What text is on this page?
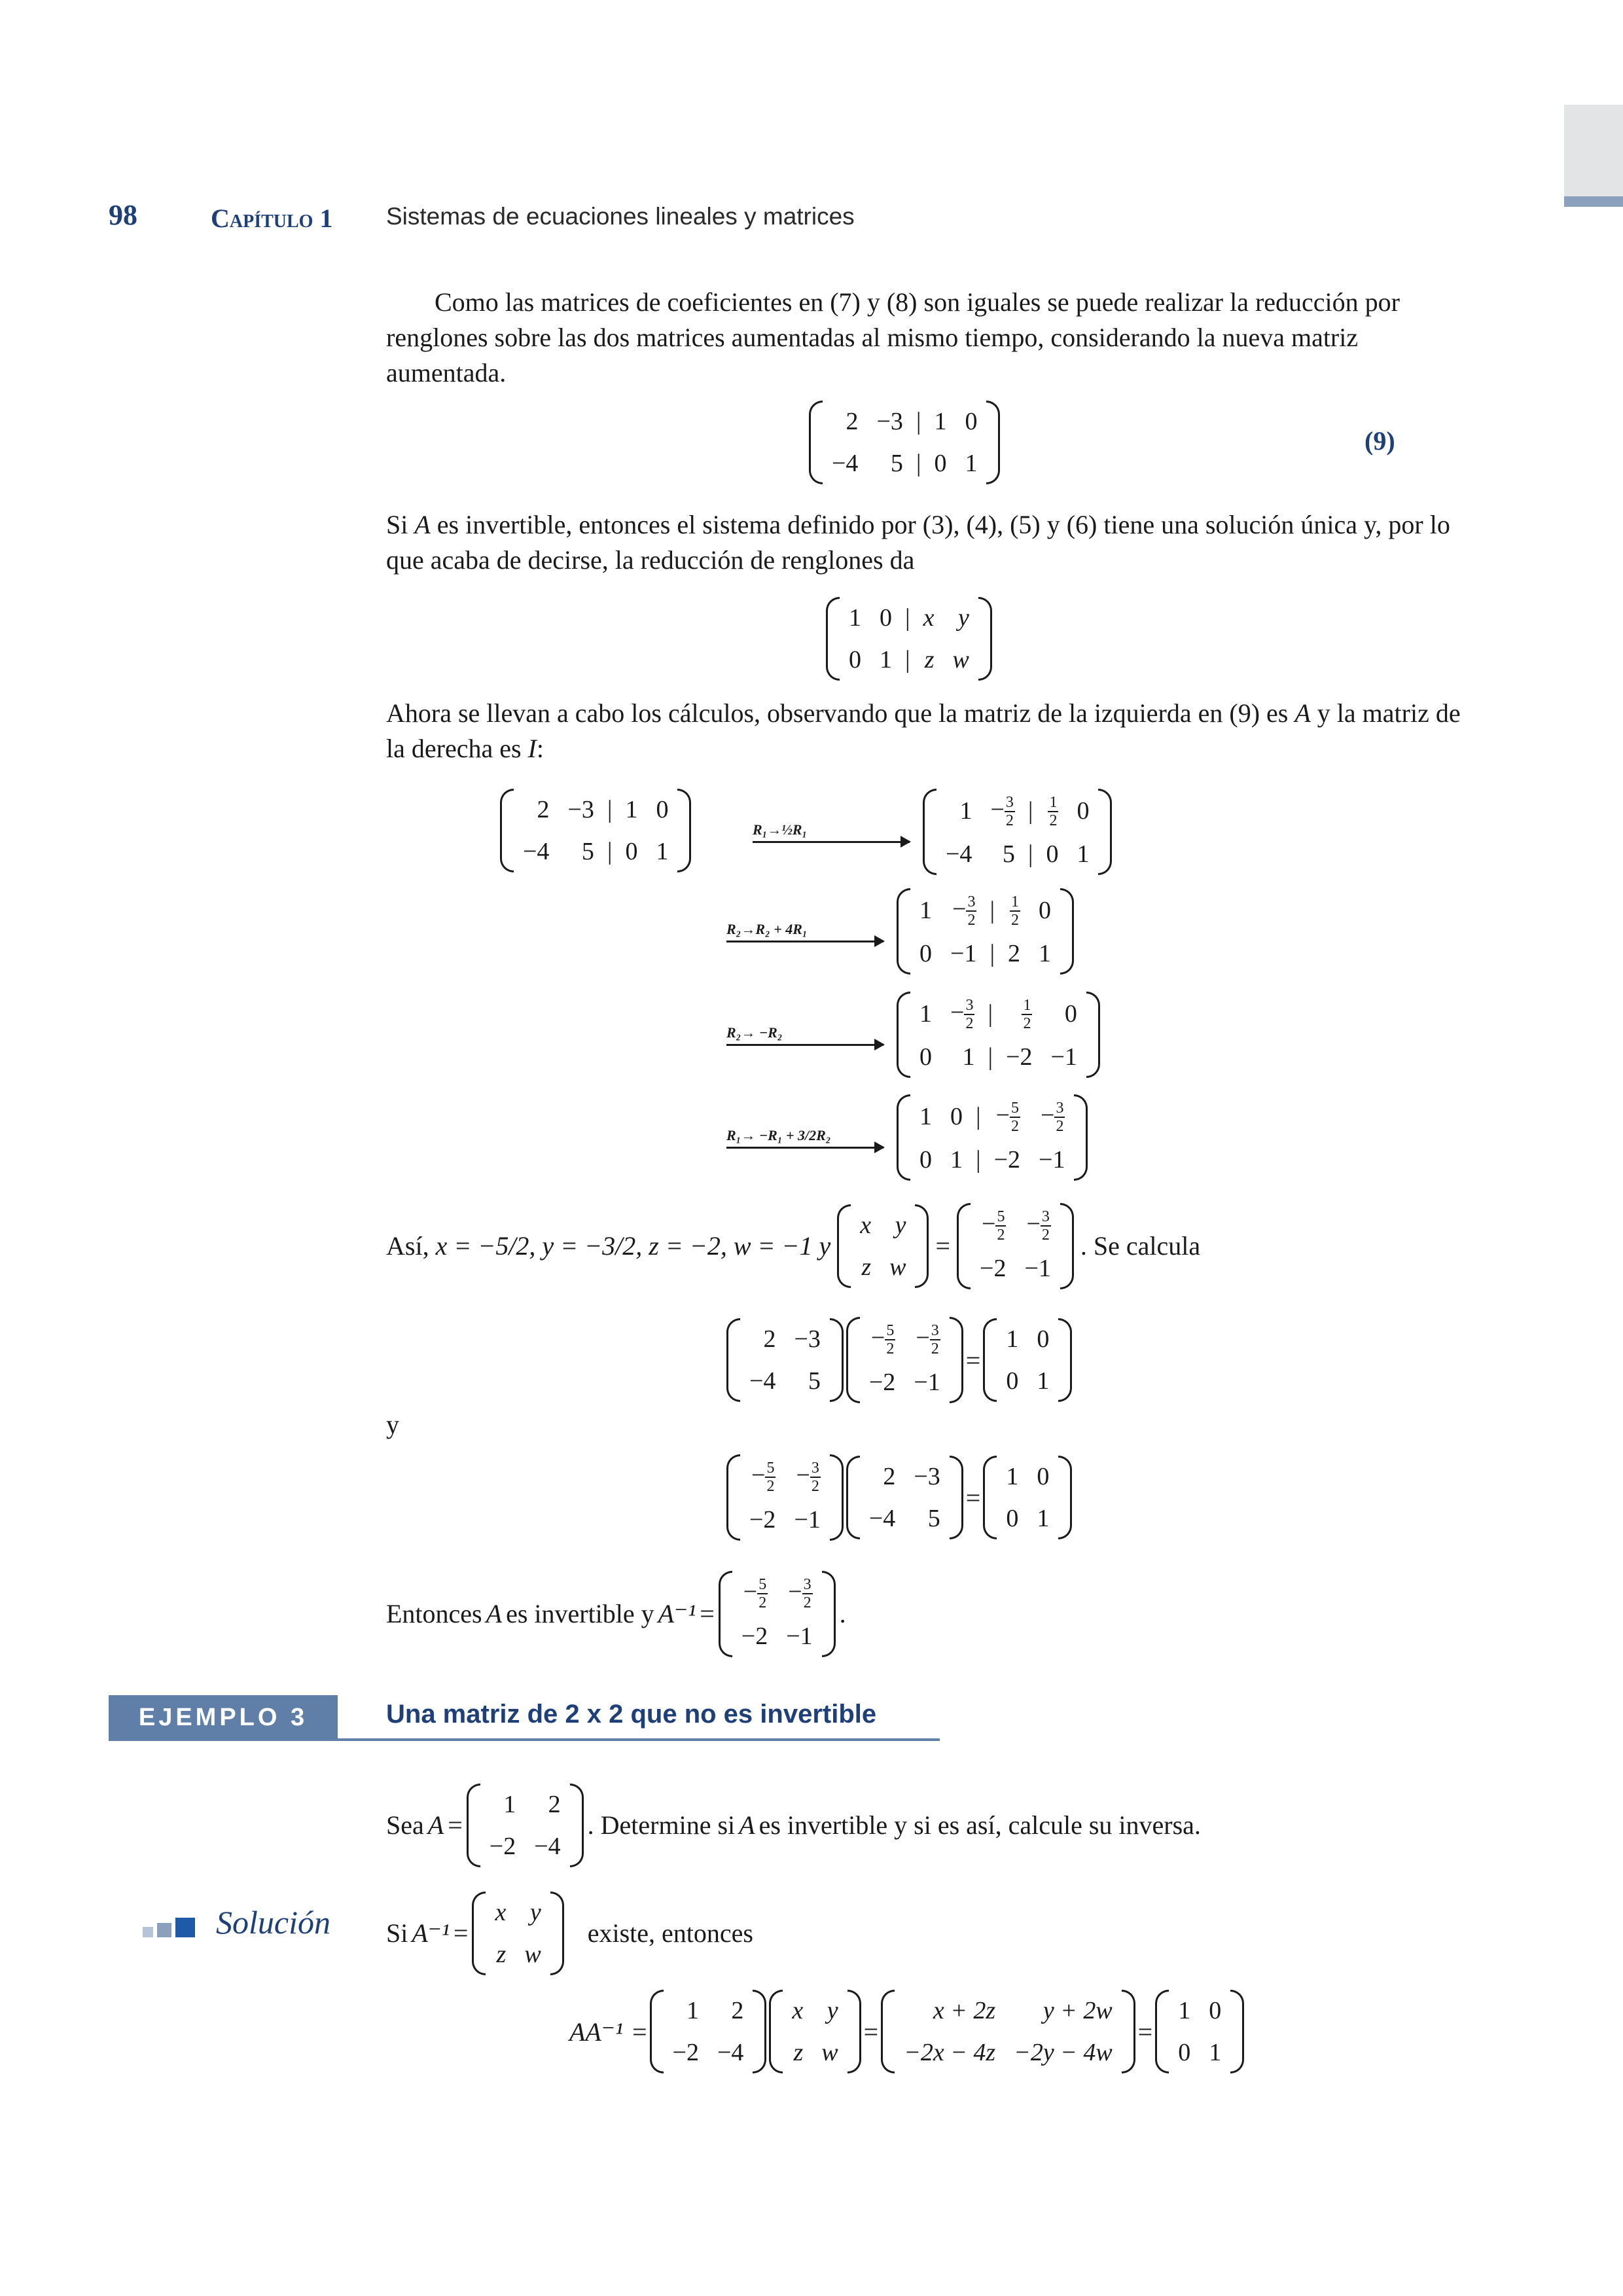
98	Capítulo 1 Sistemas de ecuaciones lineales y matrices

Como las matrices de coeficientes en (7) y (8) son iguales se puede realizar la reducción por renglones sobre las dos matrices aumentadas al mismo tiempo, considerando la nueva matriz aumentada.

2	−3	|	1	0
−4	5	|	0	1
(9)

Si A es invertible, entonces el sistema definido por (3), (4), (5) y (6) tiene una solución única y, por lo que acaba de decirse, la reducción de renglones da

1	0	|	x	y
0	1	|	z	w

Ahora se llevan a cabo los cálculos, observando que la matriz de la izquierda en (9) es A y la matriz de la derecha es I:

2	−3	|	1	0
−4	5	|	0	1
R₁→½R₁
1	− $\frac{3}{2}$	|	$\frac{1}{2}$	0
−4	5	|	0	1
R₂→R₂ + 4R₁
1	− $\frac{3}{2}$	|	$\frac{1}{2}$	0
0	−1	|	2	1
R₂→ −R₂
1	− $\frac{3}{2}$	|	$\frac{1}{2}$	0
0	1	|	−2	−1
R₁→ −R₁ + 3/2R₂
1	0	|	− $\frac{5}{2}$	− $\frac{3}{2}$

0	1	|	−2	−1
Así, x = −5/2, y = −3/2, z = −2, w = −1 y
x	y
z	w
=
− $\frac{5}{2}$	− $\frac{3}{2}$

−2	−1
. Se calcula
2	−3
−4	5
− $\frac{5}{2}$	− $\frac{3}{2}$

−2	−1
=
1	0
0	1
y
− $\frac{5}{2}$	− $\frac{3}{2}$

−2	−1
2	−3
−4	5
=
1	0
0	1
Entonces A es invertible y A⁻¹ =
− $\frac{5}{2}$	− $\frac{3}{2}$

−2	−1
.
EJEMPLO 3	Una matriz de 2 x 2 que no es invertible
Sea A =
1	2
−2	−4
. Determine si A es invertible y si es así, calcule su inversa.
Solución Si A⁻¹ =
x	y
z	w
existe, entonces
AA⁻¹ =
1	2
−2	−4
x	y
z	w
=
x + 2z	y + 2w
−2x − 4z	−2y − 4w
=
1	0
0	1
